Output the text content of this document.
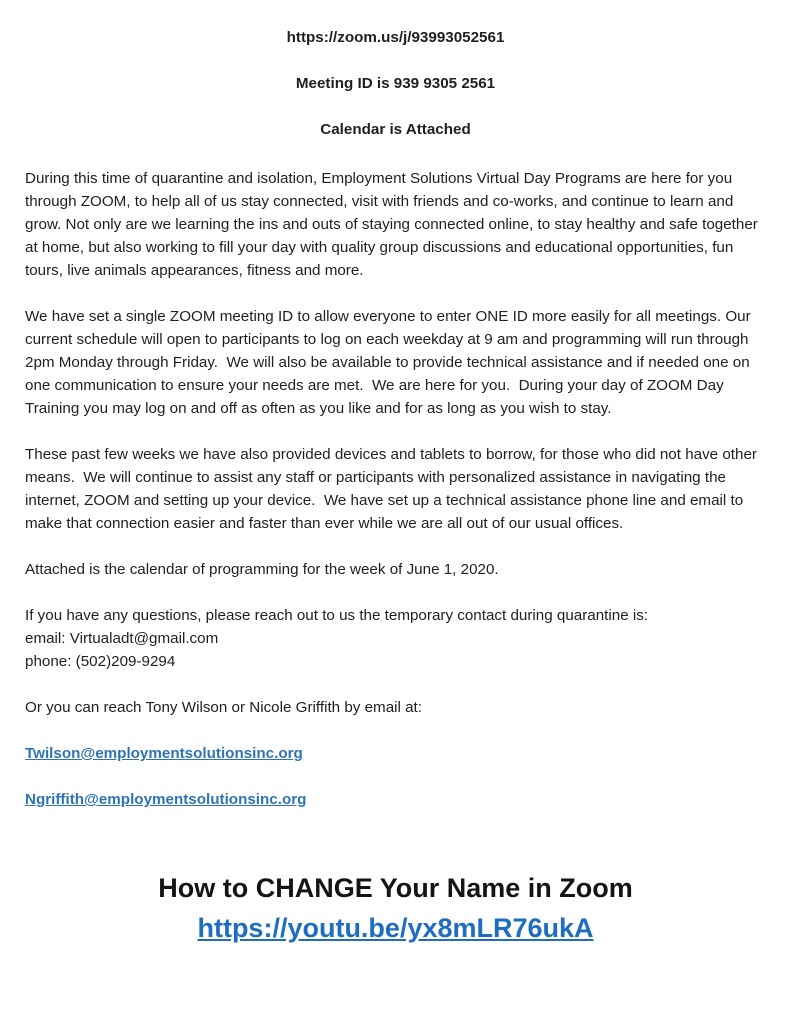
https://zoom.us/j/93993052561

Meeting ID is 939 9305 2561

Calendar is Attached

During this time of quarantine and isolation, Employment Solutions Virtual Day Programs are here for you through ZOOM, to help all of us stay connected, visit with friends and co-works, and continue to learn and grow. Not only are we learning the ins and outs of staying connected online, to stay healthy and safe together at home, but also working to fill your day with quality group discussions and educational opportunities, fun tours, live animals appearances, fitness and more.

We have set a single ZOOM meeting ID to allow everyone to enter ONE ID more easily for all meetings. Our current schedule will open to participants to log on each weekday at 9 am and programming will run through 2pm Monday through Friday.  We will also be available to provide technical assistance and if needed one on one communication to ensure your needs are met.  We are here for you.  During your day of ZOOM Day Training you may log on and off as often as you like and for as long as you wish to stay.

These past few weeks we have also provided devices and tablets to borrow, for those who did not have other means.  We will continue to assist any staff or participants with personalized assistance in navigating the internet, ZOOM and setting up your device.  We have set up a technical assistance phone line and email to make that connection easier and faster than ever while we are all out of our usual offices.

Attached is the calendar of programming for the week of June 1, 2020.

If you have any questions, please reach out to us the temporary contact during quarantine is:
email: Virtualadt@gmail.com
phone: (502)209-9294

Or you can reach Tony Wilson or Nicole Griffith by email at:

Twilson@employmentsolutionsinc.org

Ngriffith@employmentsolutionsinc.org

How to CHANGE Your Name in Zoom

https://youtu.be/yx8mLR76ukA
